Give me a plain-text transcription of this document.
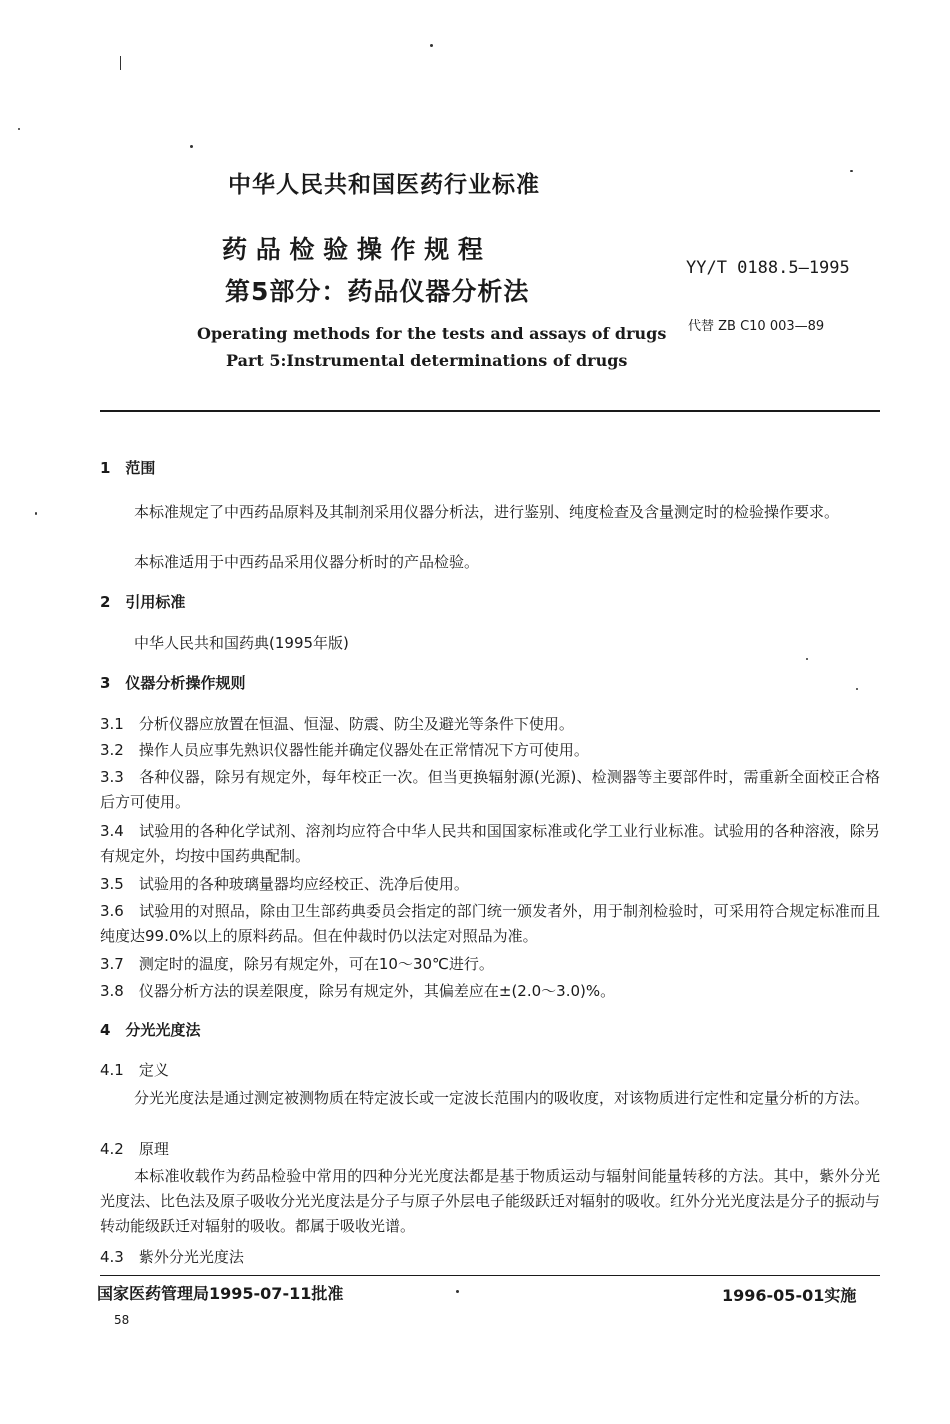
中华人民共和国医药行业标准
药 品 检 验 操 作 规 程
第5部分：药品仪器分析法
Operating methods for the tests and assays of drugs
Part 5:Instrumental determinations of drugs
YY/T 0188.5—1995
代替 ZB C10 003—89
1　范围
本标准规定了中西药品原料及其制剂采用仪器分析法，进行鉴别、纯度检查及含量测定时的检验操作要求。
本标准适用于中西药品采用仪器分析时的产品检验。
2　引用标准
中华人民共和国药典(1995年版)
3　仪器分析操作规则
3.1　 分析仪器应放置在恒温、恒湿、防震、防尘及避光等条件下使用。
3.2　 操作人员应事先熟识仪器性能并确定仪器处在正常情况下方可使用。
3.3　 各种仪器，除另有规定外，每年校正一次。但当更换辐射源(光源)、检测器等主要部件时，需重新全面校正合格后方可使用。
3.4　 试验用的各种化学试剂、溶剂均应符合中华人民共和国国家标准或化学工业行业标准。试验用的各种溶液，除另有规定外，均按中国药典配制。
3.5　 试验用的各种玻璃量器均应经校正、洗净后使用。
3.6　 试验用的对照品，除由卫生部药典委员会指定的部门统一颁发者外，用于制剂检验时，可采用符合规定标准而且纯度达99.0%以上的原料药品。但在仲裁时仍以法定对照品为准。
3.7　 测定时的温度，除另有规定外，可在10～30℃进行。
3.8　 仪器分析方法的误差限度，除另有规定外，其偏差应在±(2.0～3.0)%。
4　分光光度法
4.1　定义
分光光度法是通过测定被测物质在特定波长或一定波长范围内的吸收度，对该物质进行定性和定量分析的方法。
4.2　原理
本标准收载作为药品检验中常用的四种分光光度法都是基于物质运动与辐射间能量转移的方法。其中，紫外分光光度法、比色法及原子吸收分光光度法是分子与原子外层电子能级跃迁对辐射的吸收。红外分光光度法是分子的振动与转动能级跃迁对辐射的吸收。都属于吸收光谱。
4.3　紫外分光光度法
国家医药管理局1995-07-11批准	1996-05-01实施
58
